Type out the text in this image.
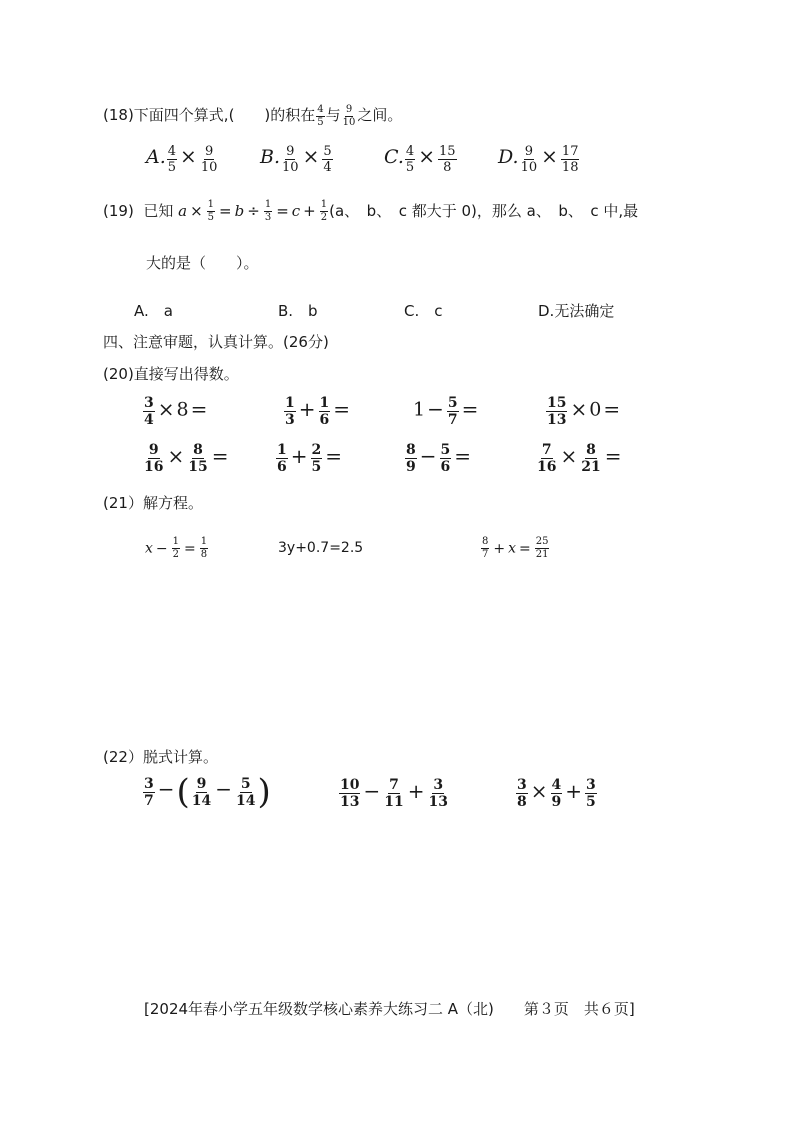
(18)下面四个算式,(　　)的积在 $\frac{4}{5}$ 与 $\frac{9}{10}$ 之间。
A. $\frac{4}{5} \times \frac{9}{10} B$. $\frac{9}{10} \times \frac{5}{4}$	C. $\frac{4}{5} \times \frac{15}{8} D$. $\frac{9}{10} \times \frac{17}{18}$
(19) 已知 $a \times \frac{1}{5} = b \div \frac{1}{3} = c + \frac{1}{2} (a$、　b、　c 都大于 0)，那么 a、　b、　c 中,最
大的是（　　）。
A.　a	B.　b	C.　c	D.无法确定
四、注意审题，认真计算。(26分)
(20)直接写出得数。
$\frac{3}{4} \times 8$ =	$\frac{1}{3} + \frac{1}{6}$ =	$1 - \frac{5}{7}$ =	$\frac{15}{13} \times 0$ =
$\frac{9}{16} \times \frac{8}{15}$ =	$\frac{1}{6} + \frac{2}{5}$ =	$\frac{8}{9} - \frac{5}{6}$ =	$\frac{7}{16} \times \frac{8}{21}$ =
(21）解方程。
$x - \frac{1}{2} = \frac{1}{8}$	3y+0.7=2.5	$\frac{8}{7} + x = \frac{25}{21}$
(22）脱式计算。
$\frac{3}{7}$ −( $\frac{9}{14} - \frac{5}{14}$ )	$\frac{10}{13} - \frac{7}{11} + \frac{3}{13}$	$\frac{3}{8} \times \frac{4}{9} + \frac{3}{5}$
[2024年春小学五年级数学核心素养大练习二 A（北)　　第３页　共６页]
